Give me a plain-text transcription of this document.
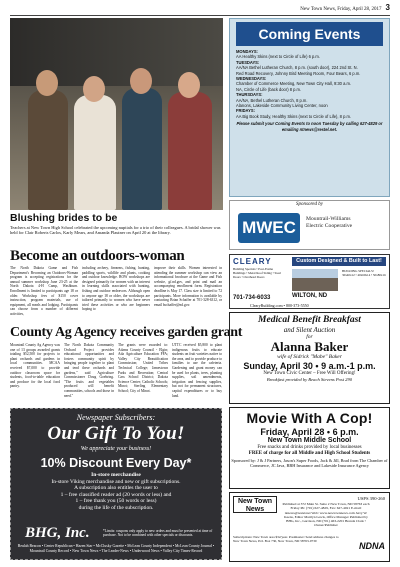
New Town News, Friday, April 28, 2017 3
Blushing brides to be
Teachers at New Town High School celebrated the upcoming nuptials for a trio of their colleagues. A bridal shower was held for Clair Roberts Carlos, Karly Mears, and Amanda Plautner on April 20 at the library.
Coming Events
MONDAYS:
AA Healthy Skins (next to Circle of Life) 6 p.m.
TUESDAYS:
AA/NA Bethel Lutheran Church, 8 p.m. (south door), 224 2nd St. N.
Red Road Recovery, Johnny Bird Meeting Room, Four Bears, 6 p.m.
WEDNESDAYS:
Chamber of Commerce Meeting, New Town City Hall, 9:30 a.m.
NA, Circle of Life (back door) 8 p.m.
THURSDAYS:
AA/NA, Bethel Lutheran Church, 8 p.m.
Alanons, Lakeside Community Living Center, noon
FRIDAYS:
AA Big Book Study, Healthy Skins (next to Circle of Life), 8 p.m.
Please submit your Coming Events to noon Tuesday by calling 627-4829 or emailing ntnews@restel.net.
Sponsored by
MWEC	Mountrail-Williams
Electric Cooperative
Become an outdoors-woman
The North Dakota Game and Fish Department's Becoming an Outdoors-Woman program is accepting registrations for the annual summer workshop June 23-25 at the North Dakota 4-H Camp, Washburn. Enrollment is limited to participants age 18 or older. Workshop fees of $150 cover instruction, program materials, use of equipment, all meals and lodging. Participants can choose from a number of different activities,
including archery, firearms, fishing, hunting, paddling sports, wildlife and plants, cooking and outdoor knowledge. BOW workshops are designed primarily for women with an interest in learning skills associated with hunting, fishing and outdoor endeavors. Although open to anyone age 18 or older, the workshops are tailored primarily to women who have never tried these activities or who are beginners hoping to
improve their skills. Women interested in attending the summer workshop can view an informational brochure at the Game and Fish website, gf.nd.gov, and print and mail an accompanying enrollment form. Registration deadline is May 17. Class size is limited to 72 participants. More information is available by contacting Brian Schaffer at 701-328-6312, or email bschaffer@nd.gov.
County Ag Agency receives garden grant
Mountrail County Ag Agency was one of 13 groups awarded grants totaling $52,500 for projects to plant orchards and gardens in local communities. MCAA received $7,000 to provide outdoor classroom space for students, food-to-table education and produce for the local food pantry.
The North Dakota Community Orchard Project provides educational opportunities and fosters community spirit by bringing people together to plant and tend these orchards and gardens," said Agriculture Commissioner Doug Goehring. "The fruits and vegetables produced will benefit communities, schools and those in need."
The grants were awarded to: Adams County Council - Elgin; Ada Agriculture Education FFA; Valley City Beautification Commission; United Tribes Technical College; Jamestown Parks and Recreation; Central Cass School District; Dakota Science Center; Catholic Schools; Minot; Sterling Elementary School; City of Minot.
UTTC received $5,800 to plant indigenous fruits to educate students on fruit varieties native to the area, and to provide produce to families to use the cafeteria. Gardening and grant money can be used for plants, trees, planting supplies, soil amendments, irrigation and fencing supplies, but not for permanent structures, capital expenditures or to buy land.
Newspaper Subscribers:
Our Gift To You!
We appreciate your business!
10% Discount Every Day*
In-store merchandise
In-store Viking merchandise and new or gift subscriptions.
A subscription also entitles the user to
1 – free classified reader ad (20 words or less) and
1 – free thank you (50 words or less)
during the life of the subscription.
BHG, Inc.	*Limits: coupons only apply to new orders and must be presented at time of purchase. Not to be combined with other specials or discounts.
Beulah Beacon • Center Republican • Hazen Star • McClusky Gazette • McLean County Independent • McLean County Journal • Mountrail County Record • New Town News • The Leader-News • Underwood News • Valley City Times-Record
CLEARY	Custom Designed & Built to Last!
Building Specials • Post-Frame Buildings • Metal Roof Siding • Steel Doors • Overhead Doors
BUILDING SPECIALS! 30x40x12 • 40x60x14 • 50x80x16
701-734-6033	WILTON, ND
ClearyBuilding.com • 800-373-5550
Medical Benefit Breakfast
and Silent Auction
for
Alanna Baker
wife of Sidrick "Mabe" Baker
Sunday, April 30 • 9 a.m.-1 p.m.
New Town Civic Center – Free Will Offering!
Breakfast provided by Beach Stevens Post 290
Movie With A Cop!
Friday, April 28 • 6 p.m.
New Town Middle School
Free snacks and drinks provided by local businesses
FREE of charge for all Middle and High School Students
Sponsored by: J & J Partners, Jason's Super Foods, Jack & Jill, Brad from The Chamber of Commerce, JC Java, BBH Insurance and Lakeside Insurance Agency
New Town
News
USPS 390-260
Published at 372 Main St. Suite 2 New Town, ND 58763 each Friday Ph: (701) 627-4829, Fax: 627-4021 E-mail: ntnews@restel.net Web: www.newtownnews.com Jerry W. Keens, Editor Marilyn Lewis, Office Manager Published by BHG, Inc., Garrison, ND (701) 463-2201 Brenda Clark • Owner/Publisher
Subscriptions: New Town area $32/year. Postmaster: Send address changes to New Town News, P.O. Box 730, New Town, ND 58763-0730	NDNA
